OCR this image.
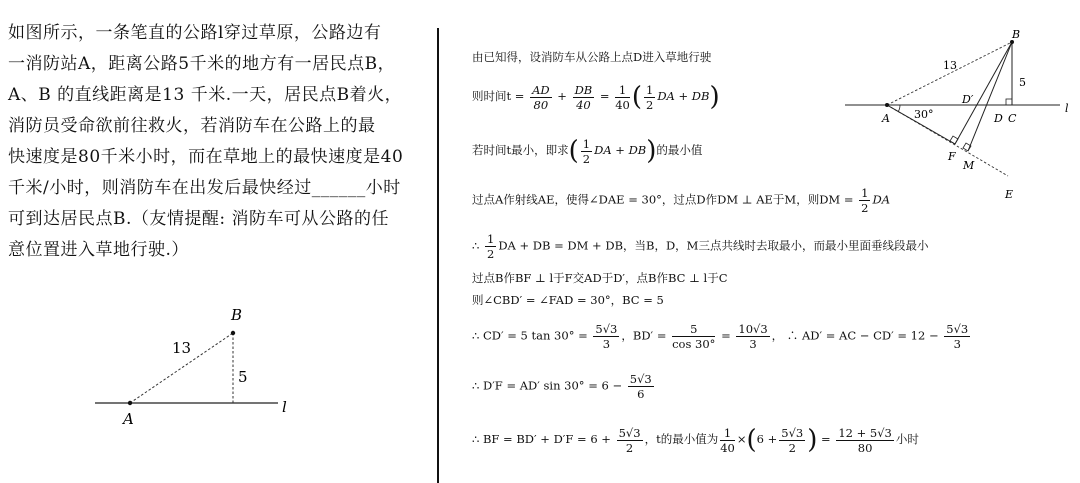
如图所示，一条笔直的公路l穿过草原，公路边有
一消防站A，距离公路5千米的地方有一居民点B，
A、B 的直线距离是13 千米.一天，居民点B着火，
消防员受命欲前往救火，若消防车在公路上的最
快速度是80千米小时，而在草地上的最快速度是40
千米/小时，则消防车在出发后最快经过______小时
可到达居民点B.（友情提醒: 消防车可从公路的任
意位置进入草地行驶.）
A
B
l
13
5
B
13
5
A 30°
D′
D C
l
F
M
E
由已知得，设消防车从公路上点D进入草地行驶
则时间$t = \frac{AD}{80} + \frac{DB}{40} = \frac{1}{40}$ ( $\frac{1}{2}$ DA + DB)
若时间t最小，即求( $\frac{1}{2}$ DA + DB)的最小值
过点A作射线AE，使得∠DAE = 30°，过点D作DM ⊥ AE于M，则DM = $\frac{1}{2}$ DA
∴ $\frac{1}{2}$ DA + DB = DM + DB，当B，D，M三点共线时去取最小，而最小里面垂线段最小
过点B作BF ⊥ l于F交AD于D′，点B作BC ⊥ l于C
则∠CBD′ = ∠FAD = 30°，BC = 5
∴ CD′ = 5 $\tan 30^\circ = \frac{5√3}{3}$ ，$BD' = \frac{5}{\cos 30^\circ} = \frac{10√3}{3}$ ， ∴ AD′ = AC − $CD' = 12 - \frac{5√3}{3}$
∴ D′F = AD′ $\sin 30^\circ = 6 - \frac{5√3}{6}$
∴ BF = $BD' + D'F = 6 + \frac{5√3}{2}$ ，t的最小值为 $\frac{1}{40} \times(6 + \frac{5√3}{2}$ ) = $\frac{12 + 5√3}{80}$ 小时
